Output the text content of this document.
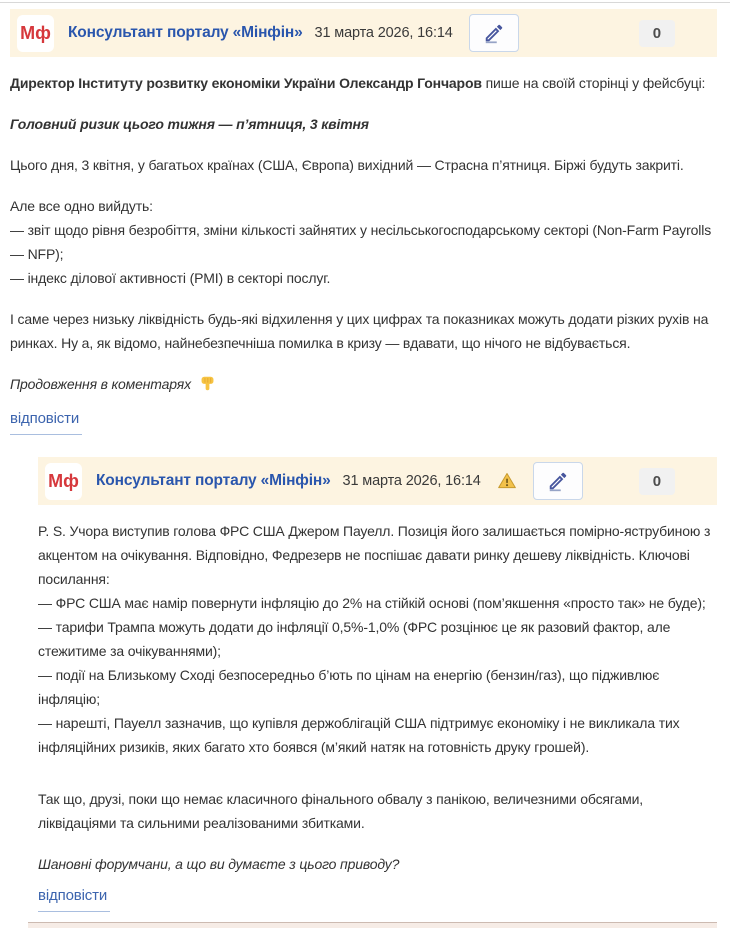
Мф Консультант порталу «Мінфін» 31 марта 2026, 16:14	0

Директор Інституту розвитку економіки України Олександр Гончаров пише на своїй сторінці у фейсбуці:

Головний ризик цього тижня — п’ятниця, 3 квітня

Цього дня, 3 квітня, у багатьох країнах (США, Європа) вихідний — Страсна п’ятниця. Біржі будуть закриті.

Але все одно вийдуть:
— звіт щодо рівня безробіття, зміни кількості зайнятих у несільськогосподарському секторі (Non-Farm Payrolls — NFP);
— індекс ділової активності (PMI) в секторі послуг.

І саме через низьку ліквідність будь-які відхилення у цих цифрах та показниках можуть додати різких рухів на ринках. Ну а, як відомо, найнебезпечніша помилка в кризу — вдавати, що нічого не відбувається.

Продовження в коментарях

відповісти
Мф Консультант порталу «Мінфін» 31 марта 2026, 16:14	0

P. S. Учора виступив голова ФРС США Джером Пауелл. Позиція його залишається помірно-яструбиною з акцентом на очікування. Відповідно, Федрезерв не поспішає давати ринку дешеву ліквідність. Ключові посилання:
— ФРС США має намір повернути інфляцію до 2% на стійкій основі (пом’якшення «просто так» не буде);
— тарифи Трампа можуть додати до інфляції 0,5%-1,0% (ФРС розцінює це як разовий фактор, але стежитиме за очікуваннями);
— події на Близькому Сході безпосередньо б’ють по цінам на енергію (бензин/газ), що підживлює інфляцію;
— нарешті, Пауелл зазначив, що купівля держоблігацій США підтримує економіку і не викликала тих інфляційних ризиків, яких багато хто боявся (м’який натяк на готовність друку грошей).

Так що, друзі, поки що немає класичного фінального обвалу з панікою, величезними обсягами, ліквідаціями та сильними реалізованими збитками.

Шановні форумчани, а що ви думаєте з цього приводу?

відповісти
